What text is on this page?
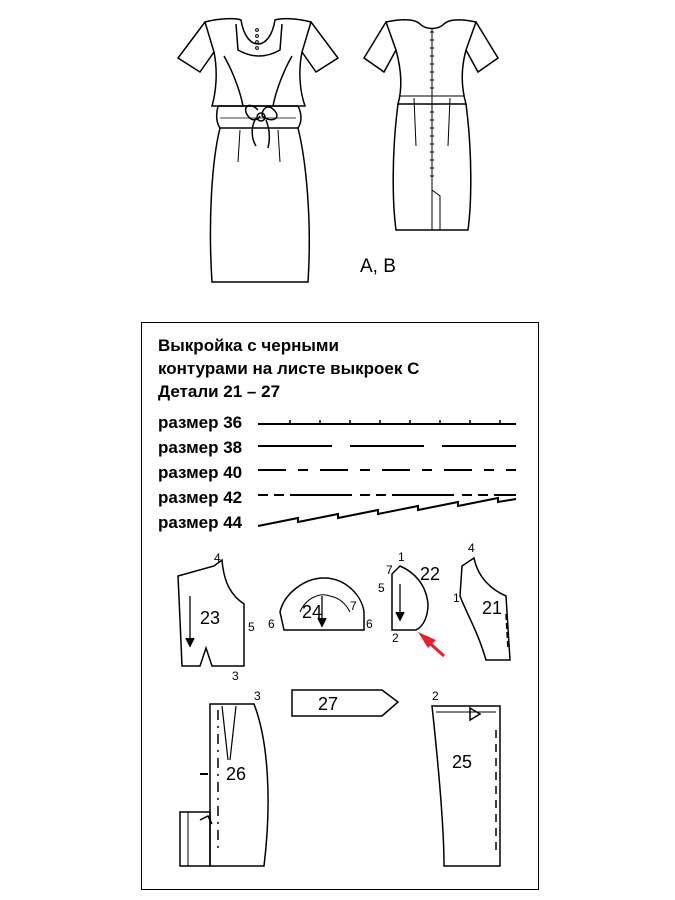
A, B
Выкройка с черными
контурами на листе выкроек С
Детали 21 – 27
размер 36
размер 38
размер 40
размер 42
размер 44
23
4
5
3
24
6
7
6
22
1
7
5
2
21
4
1
27
26
3
25
2
